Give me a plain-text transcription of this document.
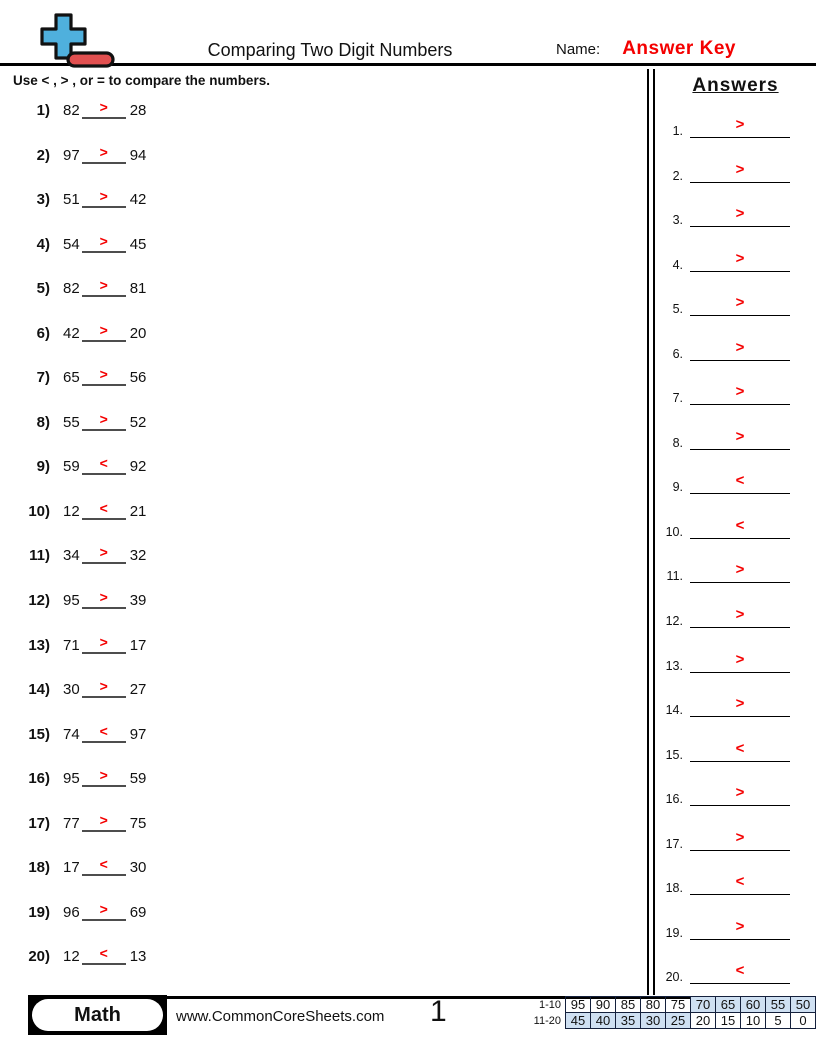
Comparing Two Digit Numbers	Name: Answer Key
Use < , > , or = to compare the numbers.
1) 82	>	28
2) 97	>	94
3) 51	>	42
4) 54	>	45
5) 82	>	81
6) 42	>	20
7) 65	>	56
8) 55	>	52
9) 59	<	92
10) 12	<	21
11) 34	>	32
12) 95	>	39
13) 71	>	17
14) 30	>	27
15) 74	<	97
16) 95	>	59
17) 77	>	75
18) 17	<	30
19) 96	>	69
20) 12	<	13
Answers
1.	>
2.	>
3.	>
4.	>
5.	>
6.	>
7.	>
8.	>
9.	<
10.	<
11.	>
12.	>
13.	>
14.	>
15.	<
16.	>
17.	>
18.	<
19.	>
20.	<
Math	www.CommonCoreSheets.com 1	1-10	95	90	85	80	75	70	65	60	55	50
11-20	45	40	35	30	25	20	15	10	5	0
